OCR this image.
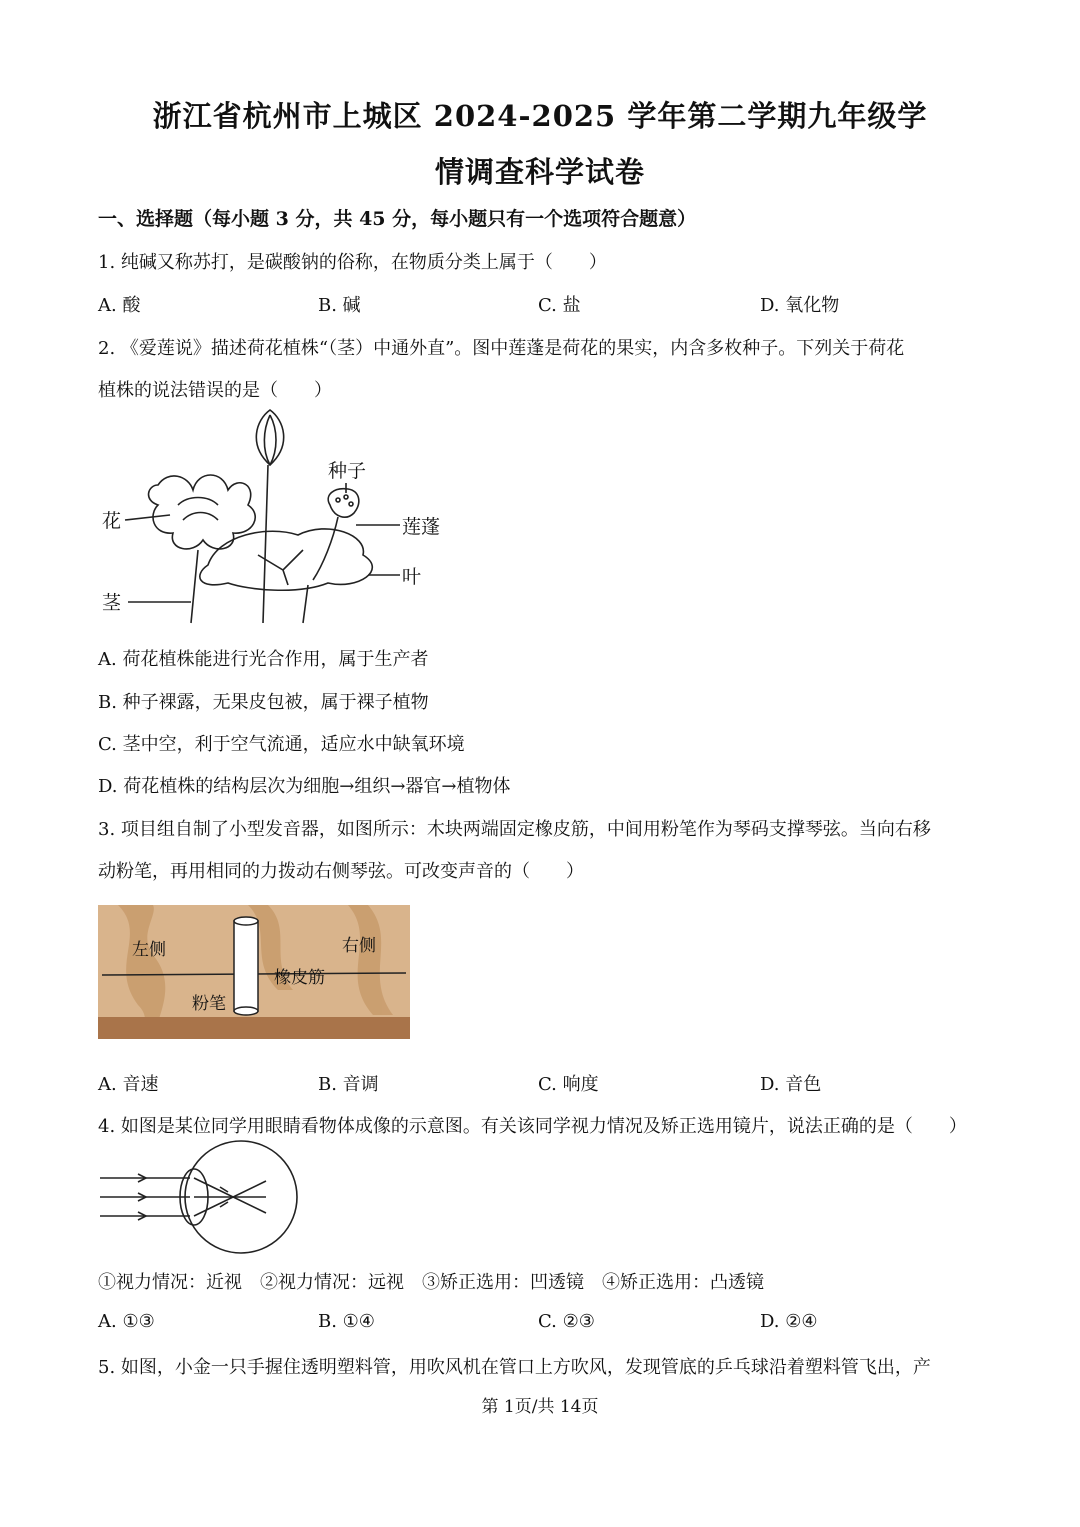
浙江省杭州市上城区 2024-2025 学年第二学期九年级学
情调查科学试卷
一、选择题（每小题 3 分，共 45 分，每小题只有一个选项符合题意）
1. 纯碱又称苏打，是碳酸钠的俗称，在物质分类上属于（　　）
A. 酸	B. 碱	C. 盐	D. 氧化物
2. 《爱莲说》描述荷花植株“（茎）中通外直”。图中莲蓬是荷花的果实，内含多枚种子。下列关于荷花
植株的说法错误的是（　　）
花
种子
莲蓬
叶
茎
A. 荷花植株能进行光合作用，属于生产者
B. 种子裸露，无果皮包被，属于裸子植物
C. 茎中空，利于空气流通，适应水中缺氧环境
D. 荷花植株的结构层次为细胞→组织→器官→植物体
3. 项目组自制了小型发音器，如图所示：木块两端固定橡皮筋，中间用粉笔作为琴码支撑琴弦。当向右移
动粉笔，再用相同的力拨动右侧琴弦。可改变声音的（　　）
左侧	右侧
橡皮筋
粉笔
A. 音速	B. 音调	C. 响度	D. 音色
4. 如图是某位同学用眼睛看物体成像的示意图。有关该同学视力情况及矫正选用镜片，说法正确的是（　　）
①视力情况：近视　②视力情况：远视　③矫正选用：凹透镜　④矫正选用：凸透镜
A. ①③	B. ①④	C. ②③	D. ②④
5. 如图，小金一只手握住透明塑料管，用吹风机在管口上方吹风，发现管底的乒乓球沿着塑料管飞出，产
第 1页/共 14页
